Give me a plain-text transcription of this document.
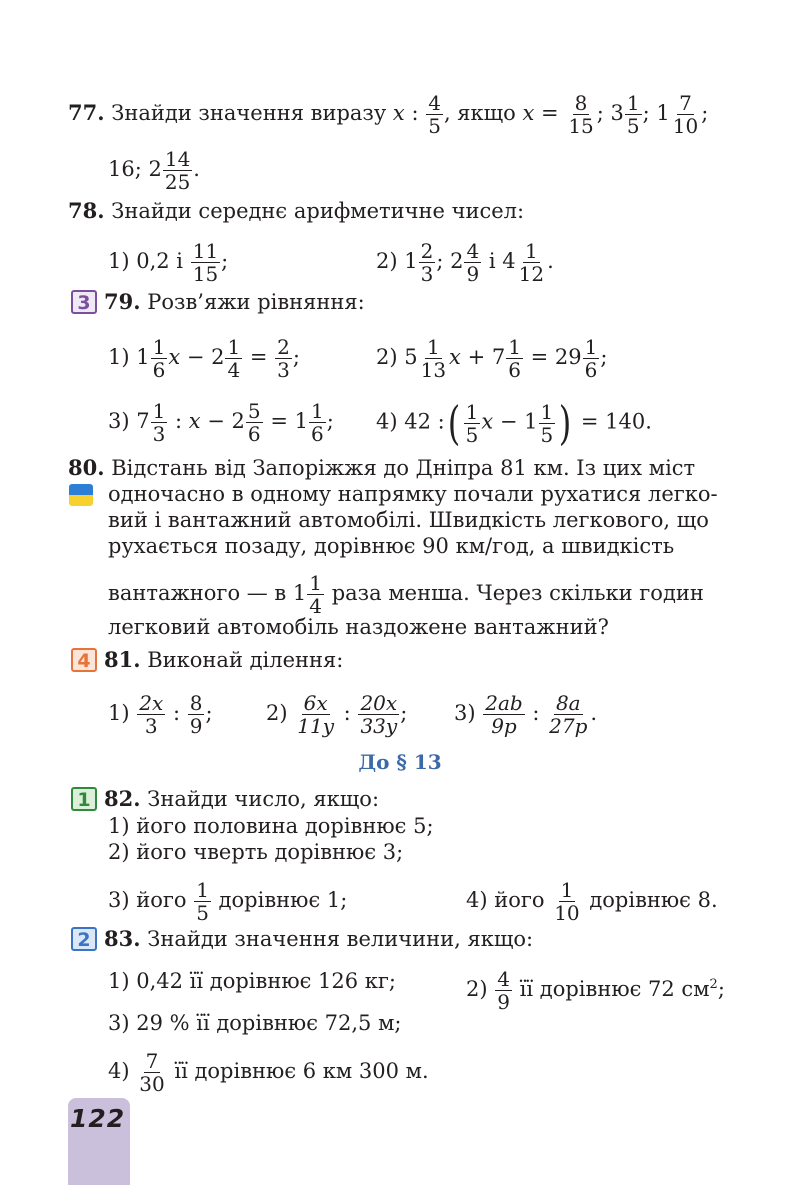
77. Знайди значення виразу x : $\frac{4}{5}$ , якщо $x = \frac{8}{15}$ ; $3 \frac{1}{5}$ ; $1 \frac{7}{10}$ ;
16; $2 \frac{14}{25}$ .
78. Знайди середнє арифметичне чисел:
1) 0,2 і $\frac{11}{15}$ ;	2) $1 \frac{2}{3}$ ; $2 \frac{4}{9}$ і $4 \frac{1}{12}$ .
3 79. Розв’яжи рівняння:
1) $1 \frac{1}{6}$ $x - 2 \frac{1}{4} = \frac{2}{3}$ ;	2) $5 \frac{1}{13}$ $x + 7 \frac{1}{6} = 29 \frac{1}{6}$ ;
3) $7 \frac{1}{3}$ : $x - 2 \frac{5}{6} = 1 \frac{1}{6}$ ; 4) 42 :( $\frac{1}{5}$ $x - 1 \frac{1}{5}$ ) = 140.
80. Відстань від Запоріжжя до Дніпра 81 км. Із цих міст
одночасно в одному напрямку почали рухатися легко-
вий і вантажний автомобілі. Швидкість легкового, що
рухається позаду, дорівнює 90 км/год, а швидкість
вантажного — в $1 \frac{1}{4}$ раза менша. Через скільки годин
легковий автомобіль наздожене вантажний?
4 81. Виконай ділення:
$1) \frac{2x}{3}$ : $\frac{8}{9}$ ;	$2) \frac{6x}{11y}$ : $\frac{20x}{33y}$ ; $3) \frac{2ab}{9p}$ : $\frac{8a}{27p}$ .
До § 13
1 82. Знайди число, якщо:
1) його половина дорівнює 5;
2) його чверть дорівнює 3;
3) його $\frac{1}{5}$ дорівнює 1;	4) його $\frac{1}{10}$ дорівнює 8.
2 83. Знайди значення величини, якщо:
1) 0,42 її дорівнює 126 кг;	$2) \frac{4}{9}$ її дорівнює 72 $см^2$;
3) 29 % її дорівнює 72,5 м;
$4) \frac{7}{30}$ її дорівнює 6 км 300 м.
122
